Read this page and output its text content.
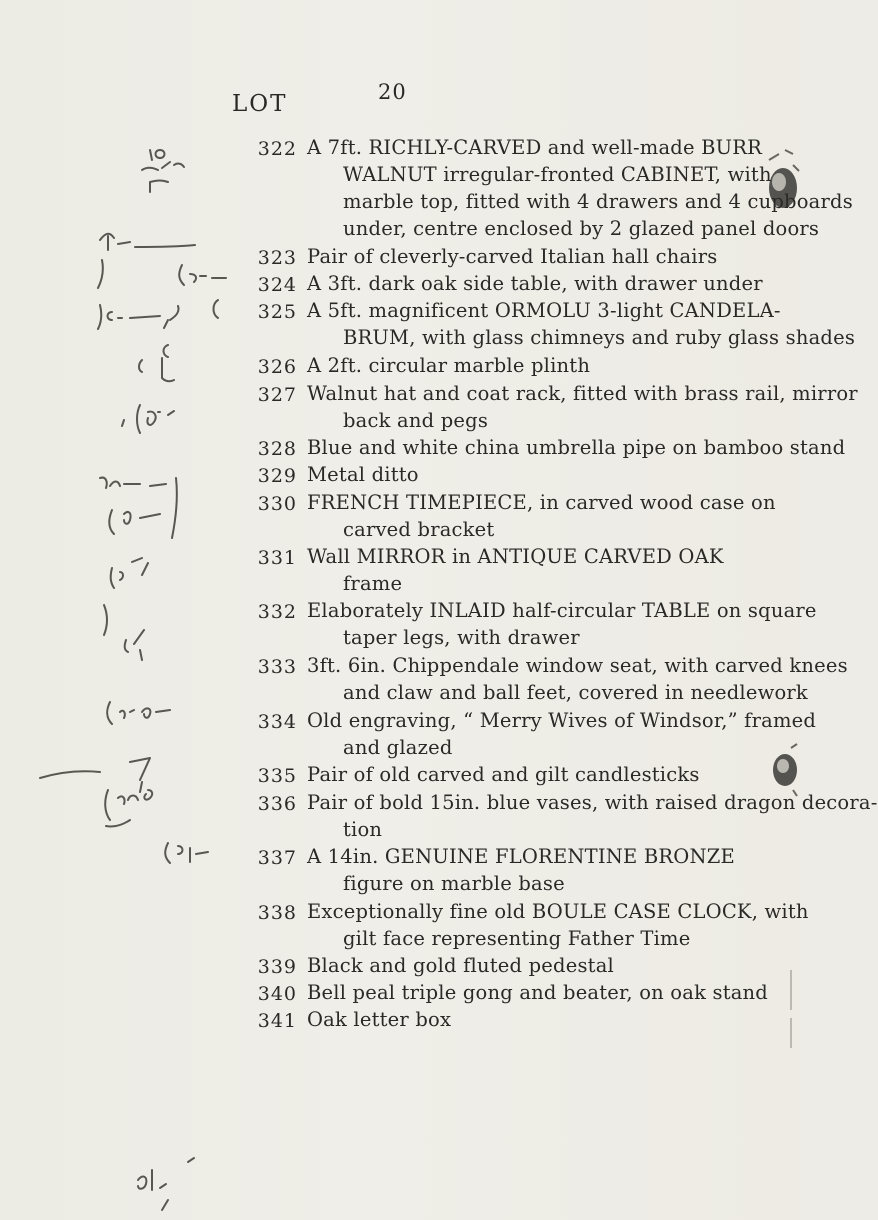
20
LOT
322 A 7ft. RICHLY-CARVED and well-made BURR
WALNUT irregular-fronted CABINET, with
marble top, fitted with 4 drawers and 4 cupboards
under, centre enclosed by 2 glazed panel doors
323 Pair of cleverly-carved Italian hall chairs
324 A 3ft. dark oak side table, with drawer under
325 A 5ft. magnificent ORMOLU 3-light CANDELA-
BRUM, with glass chimneys and ruby glass shades
326 A 2ft. circular marble plinth
327 Walnut hat and coat rack, fitted with brass rail, mirror
back and pegs
328 Blue and white china umbrella pipe on bamboo stand
329 Metal ditto
330 FRENCH TIMEPIECE, in carved wood case on
carved bracket
331 Wall MIRROR in ANTIQUE CARVED OAK
frame
332 Elaborately INLAID half-circular TABLE on square
taper legs, with drawer
333 3ft. 6in. Chippendale window seat, with carved knees
and claw and ball feet, covered in needlework
334 Old engraving, “ Merry Wives of Windsor,” framed
and glazed
335 Pair of old carved and gilt candlesticks
336 Pair of bold 15in. blue vases, with raised dragon decora-
tion
337 A 14in. GENUINE FLORENTINE BRONZE
figure on marble base
338 Exceptionally fine old BOULE CASE CLOCK, with
gilt face representing Father Time
339 Black and gold fluted pedestal
340 Bell peal triple gong and beater, on oak stand
341 Oak letter box
